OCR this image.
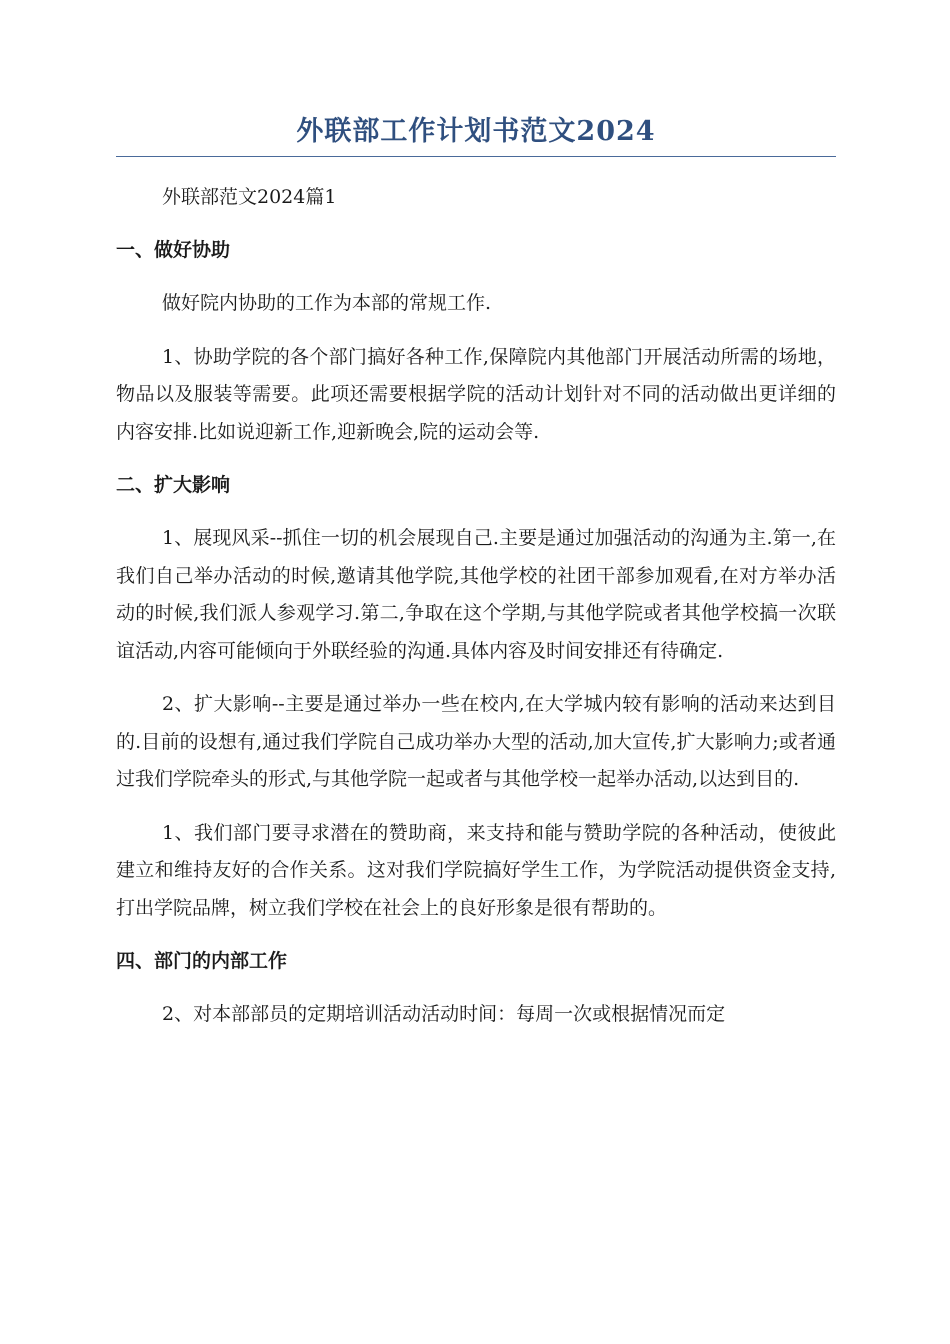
外联部工作计划书范文2024

外联部范文2024篇1

一、做好协助

做好院内协助的工作为本部的常规工作.

1、协助学院的各个部门搞好各种工作,保障院内其他部门开展活动所需的场地，物品以及服装等需要。此项还需要根据学院的活动计划针对不同的活动做出更详细的内容安排.比如说迎新工作,迎新晚会,院的运动会等.

二、扩大影响

1、展现风采--抓住一切的机会展现自己.主要是通过加强活动的沟通为主.第一,在我们自己举办活动的时候,邀请其他学院,其他学校的社团干部参加观看,在对方举办活动的时候,我们派人参观学习.第二,争取在这个学期,与其他学院或者其他学校搞一次联谊活动,内容可能倾向于外联经验的沟通.具体内容及时间安排还有待确定.

2、扩大影响--主要是通过举办一些在校内,在大学城内较有影响的活动来达到目的.目前的设想有,通过我们学院自己成功举办大型的活动,加大宣传,扩大影响力;或者通过我们学院牵头的形式,与其他学院一起或者与其他学校一起举办活动,以达到目的.

1、我们部门要寻求潜在的赞助商，来支持和能与赞助学院的各种活动，使彼此建立和维持友好的合作关系。这对我们学院搞好学生工作，为学院活动提供资金支持,打出学院品牌，树立我们学校在社会上的良好形象是很有帮助的。

四、部门的内部工作

2、对本部部员的定期培训活动活动时间：每周一次或根据情况而定
